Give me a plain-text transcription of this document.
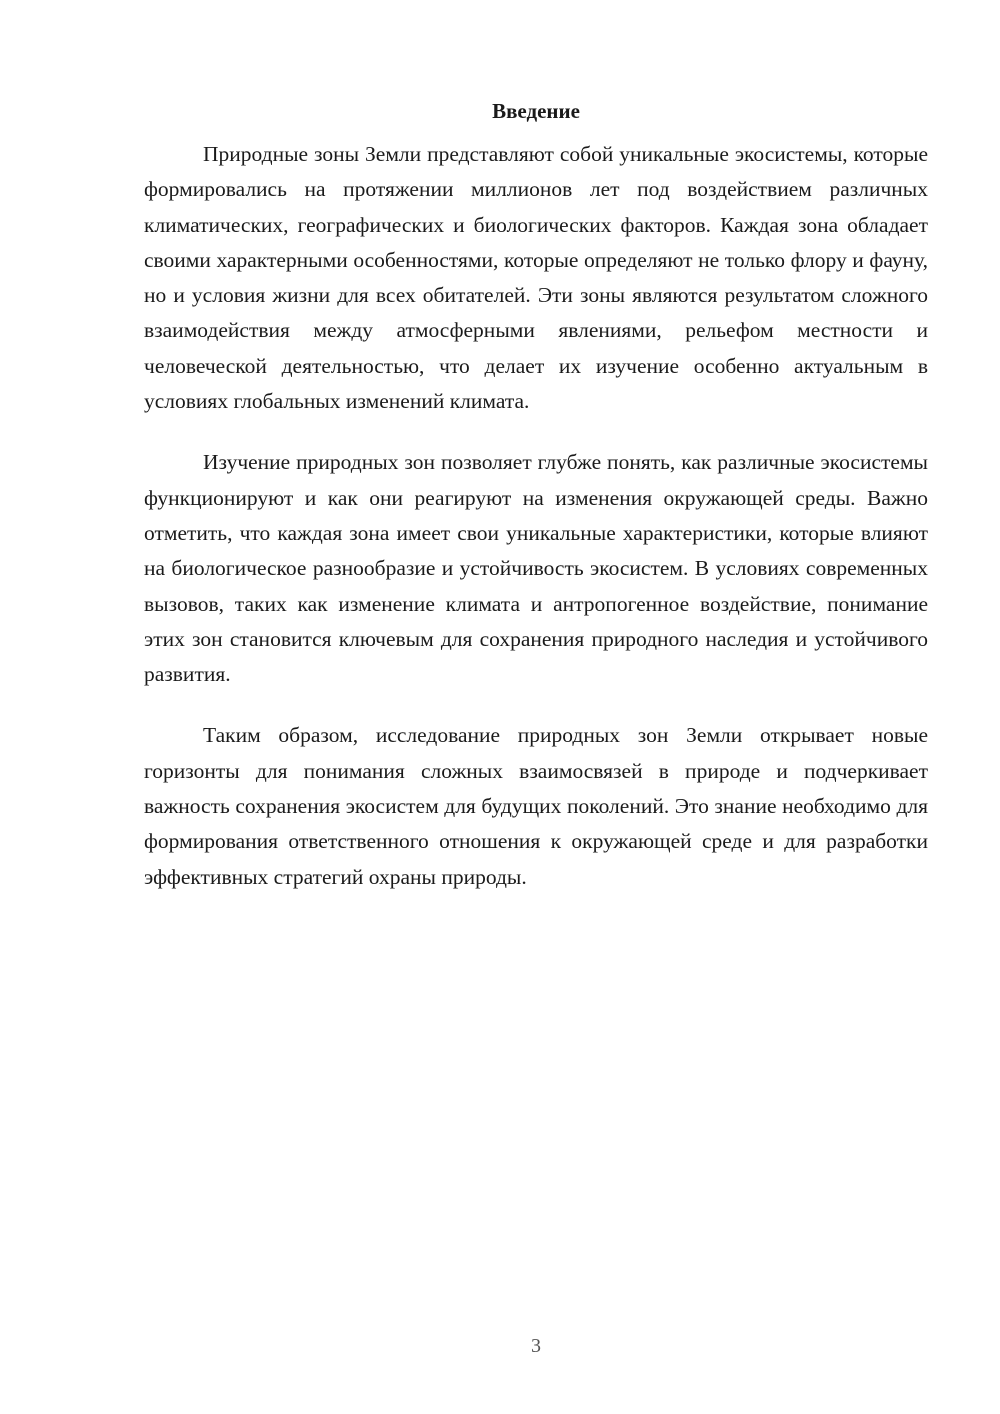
Введение

Природные зоны Земли представляют собой уникальные экосистемы, которые формировались на протяжении миллионов лет под воздействием различных климатических, географических и биологических факторов. Каждая зона обладает своими характерными особенностями, которые определяют не только флору и фауну, но и условия жизни для всех обитателей. Эти зоны являются результатом сложного взаимодействия между атмосферными явлениями, рельефом местности и человеческой деятельностью, что делает их изучение особенно актуальным в условиях глобальных изменений климата.

Изучение природных зон позволяет глубже понять, как различные экосистемы функционируют и как они реагируют на изменения окружающей среды. Важно отметить, что каждая зона имеет свои уникальные характеристики, которые влияют на биологическое разнообразие и устойчивость экосистем. В условиях современных вызовов, таких как изменение климата и антропогенное воздействие, понимание этих зон становится ключевым для сохранения природного наследия и устойчивого развития.

Таким образом, исследование природных зон Земли открывает новые горизонты для понимания сложных взаимосвязей в природе и подчеркивает важность сохранения экосистем для будущих поколений. Это знание необходимо для формирования ответственного отношения к окружающей среде и для разработки эффективных стратегий охраны природы.

3
